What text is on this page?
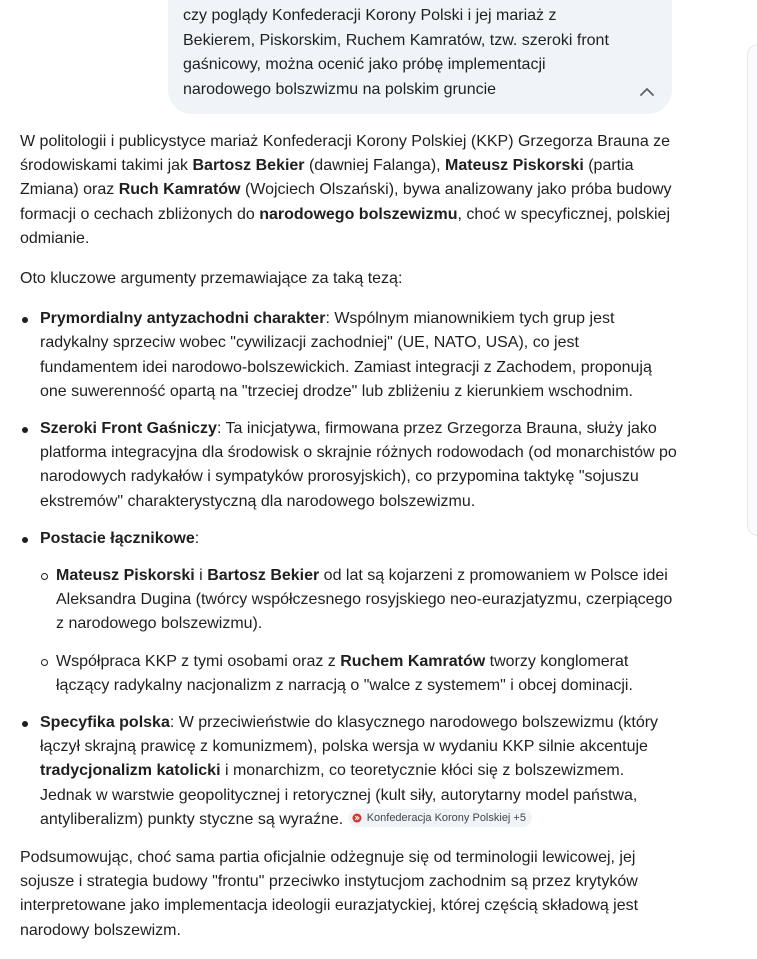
czy poglądy Konfederacji Korony Polski i jej mariaż z Bekierem, Piskorskim, Ruchem Kamratów, tzw. szeroki front gaśnicowy, można ocenić jako próbę implementacji narodowego bolszwizmu na polskim gruncie

W politologii i publicystyce mariaż Konfederacji Korony Polskiej (KKP) Grzegorza Brauna ze środowiskami takimi jak Bartosz Bekier (dawniej Falanga), Mateusz Piskorski (partia Zmiana) oraz Ruch Kamratów (Wojciech Olszański), bywa analizowany jako próba budowy formacji o cechach zbliżonych do narodowego bolszewizmu, choć w specyficznej, polskiej odmianie.

Oto kluczowe argumenty przemawiające za taką tezą:

Prymordialny antyzachodni charakter: Wspólnym mianownikiem tych grup jest radykalny sprzeciw wobec "cywilizacji zachodniej" (UE, NATO, USA), co jest fundamentem idei narodowo-bolszewickich. Zamiast integracji z Zachodem, proponują one suwerenność opartą na "trzeciej drodze" lub zbliżeniu z kierunkiem wschodnim.
Szeroki Front Gaśniczy: Ta inicjatywa, firmowana przez Grzegorza Brauna, służy jako platforma integracyjna dla środowisk o skrajnie różnych rodowodach (od monarchistów po narodowych radykałów i sympatyków prorosyjskich), co przypomina taktykę "sojuszu ekstremów" charakterystyczną dla narodowego bolszewizmu.
Postacie łącznikowe:
Mateusz Piskorski i Bartosz Bekier od lat są kojarzeni z promowaniem w Polsce idei Aleksandra Dugina (twórcy współczesnego rosyjskiego neo-eurazjatyzmu, czerpiącego z narodowego bolszewizmu).
Współpraca KKP z tymi osobami oraz z Ruchem Kamratów tworzy konglomerat łączący radykalny nacjonalizm z narracją o "walce z systemem" i obcej dominacji.
Specyfika polska: W przeciwieństwie do klasycznego narodowego bolszewizmu (który łączył skrajną prawicę z komunizmem), polska wersja w wydaniu KKP silnie akcentuje tradycjonalizm katolicki i monarchizm, co teoretycznie kłóci się z bolszewizmem. Jednak w warstwie geopolitycznej i retorycznej (kult siły, autorytarny model państwa, antyliberalizm) punkty styczne są wyraźne. Konfederacja Korony Polskiej +5

Podsumowując, choć sama partia oficjalnie odżegnuje się od terminologii lewicowej, jej sojusze i strategia budowy "frontu" przeciwko instytucjom zachodnim są przez krytyków interpretowane jako implementacja ideologii eurazjatyckiej, której częścią składową jest narodowy bolszewizm.
